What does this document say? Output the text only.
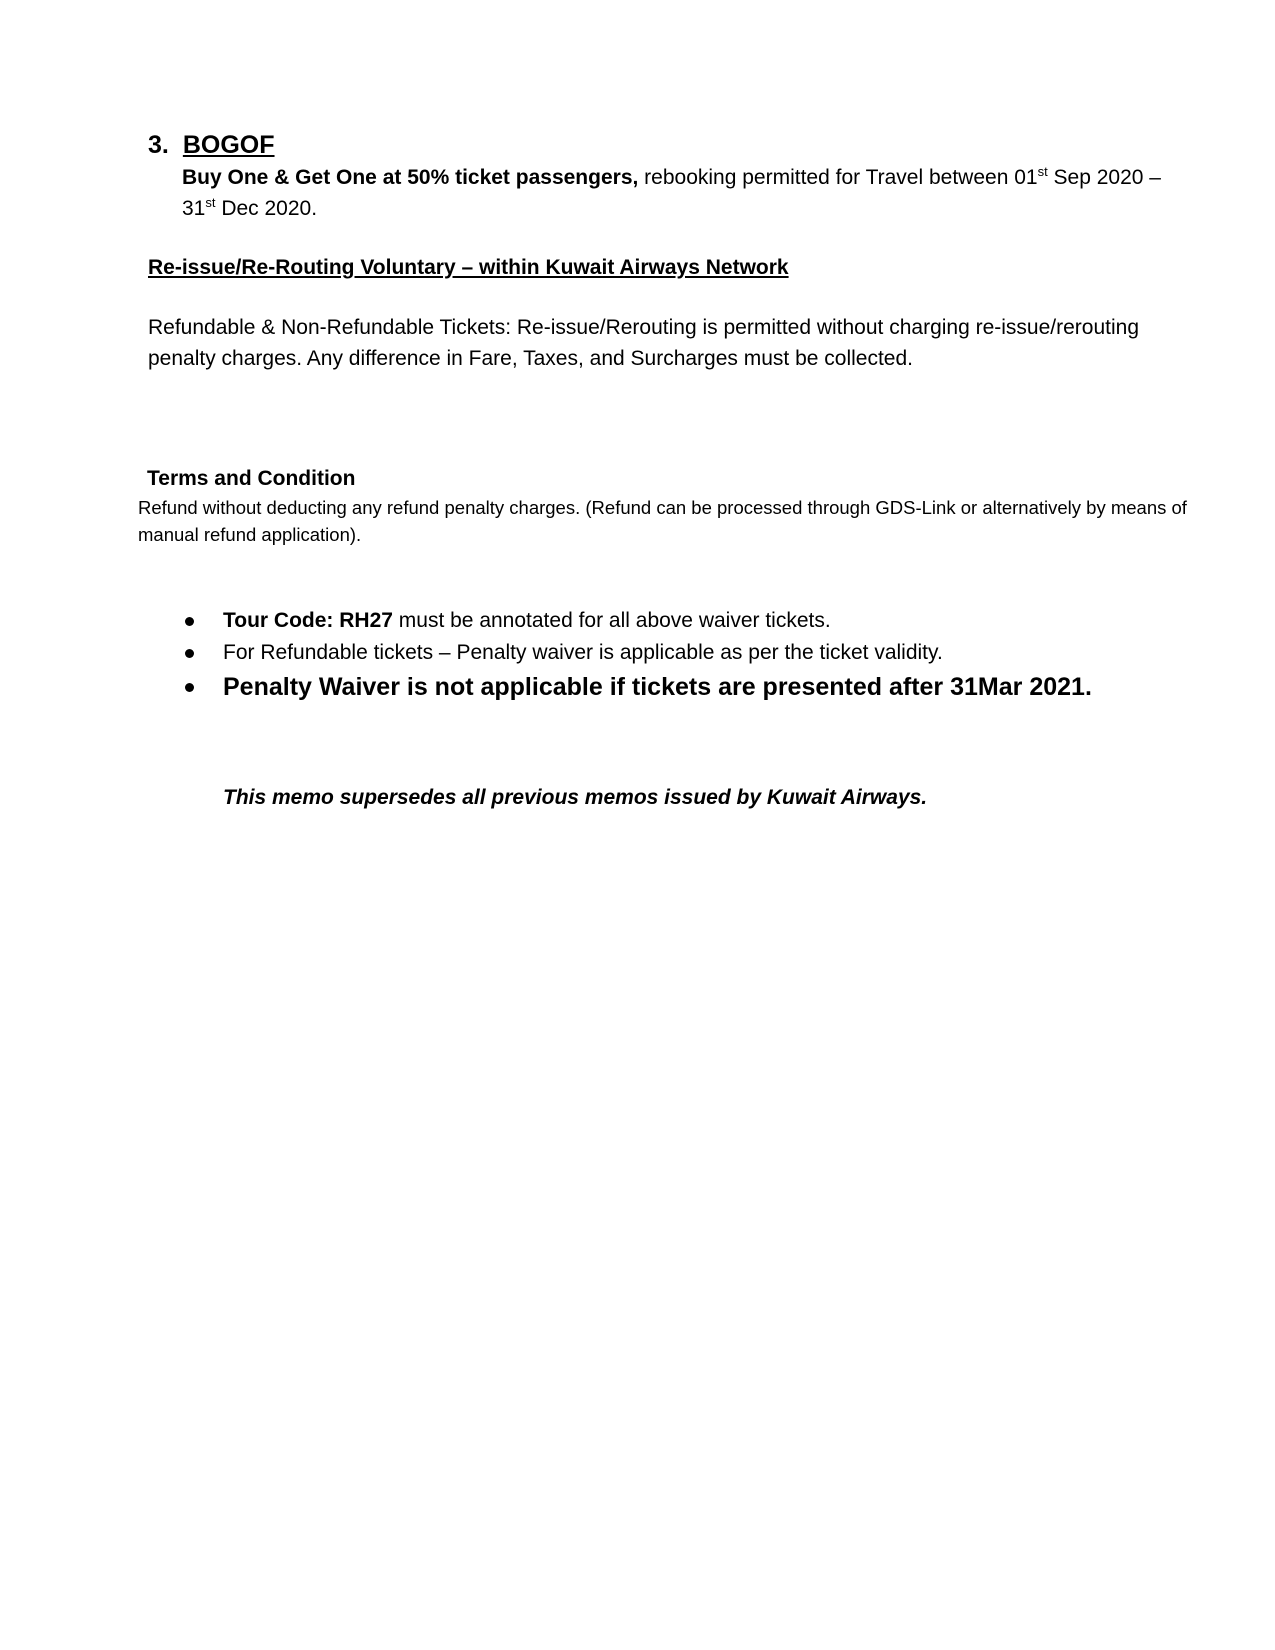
3. BOGOF
Buy One & Get One at 50% ticket passengers, rebooking permitted for Travel between 01st Sep 2020 – 31st Dec 2020.
Re-issue/Re-Routing Voluntary – within Kuwait Airways Network
Refundable & Non-Refundable Tickets: Re-issue/Rerouting is permitted without charging re-issue/rerouting penalty charges. Any difference in Fare, Taxes, and Surcharges must be collected.
Terms and Condition
Refund without deducting any refund penalty charges. (Refund can be processed through GDS-Link or alternatively by means of manual refund application).
Tour Code: RH27 must be annotated for all above waiver tickets.
For Refundable tickets – Penalty waiver is applicable as per the ticket validity.
Penalty Waiver is not applicable if tickets are presented after 31Mar 2021.
This memo supersedes all previous memos issued by Kuwait Airways.
